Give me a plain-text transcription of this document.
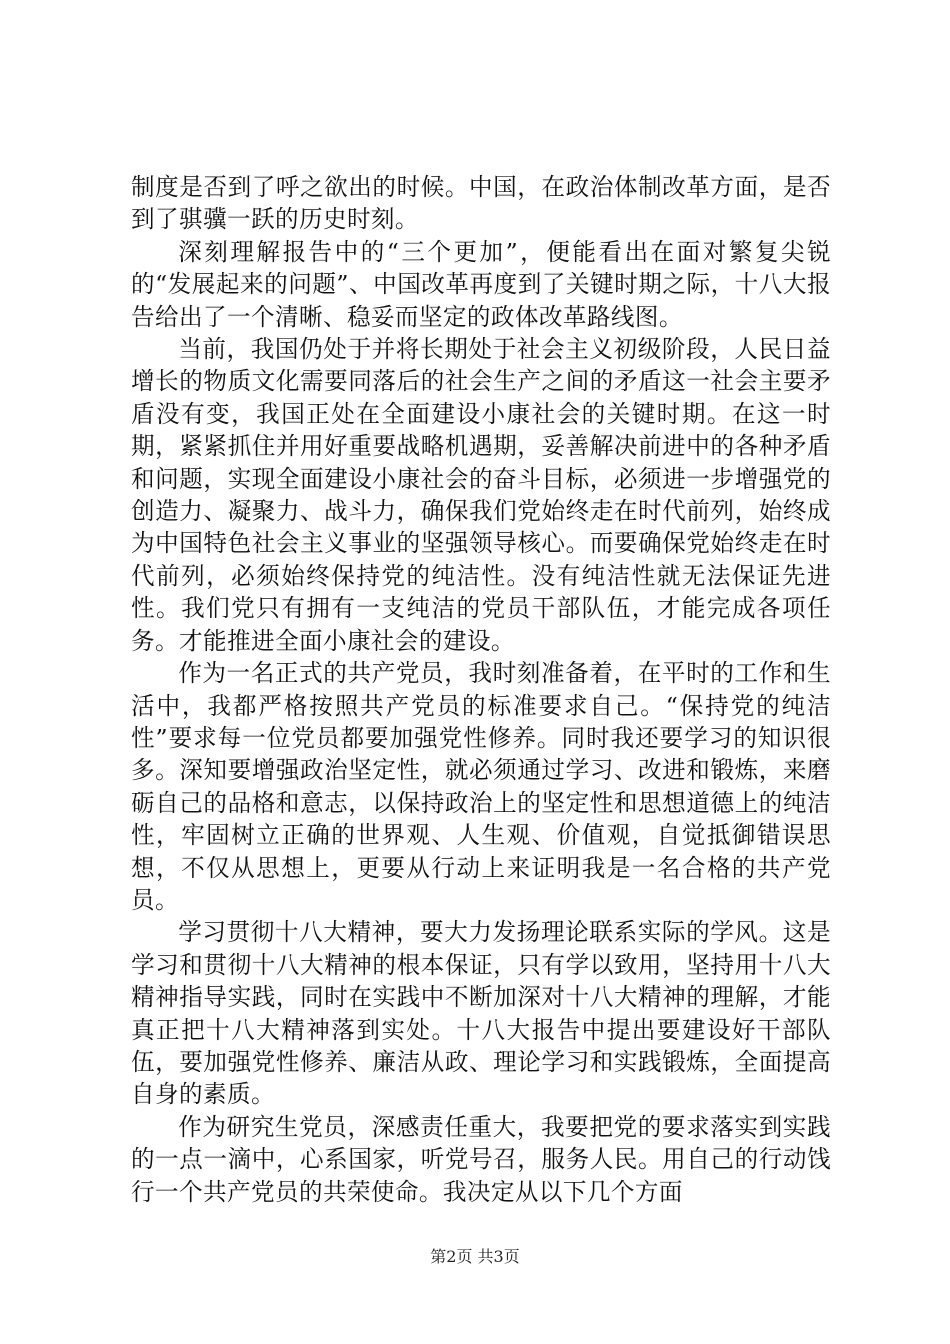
制度是否到了呼之欲出的时候。中国，在政治体制改革方面，是否到了骐骥一跃的历史时刻。

深刻理解报告中的“三个更加”，便能看出在面对繁复尖锐的“发展起来的问题”、中国改革再度到了关键时期之际，十八大报告给出了一个清晰、稳妥而坚定的政体改革路线图。

当前，我国仍处于并将长期处于社会主义初级阶段，人民日益增长的物质文化需要同落后的社会生产之间的矛盾这一社会主要矛盾没有变，我国正处在全面建设小康社会的关键时期。在这一时期，紧紧抓住并用好重要战略机遇期，妥善解决前进中的各种矛盾和问题，实现全面建设小康社会的奋斗目标，必须进一步增强党的创造力、凝聚力、战斗力，确保我们党始终走在时代前列，始终成为中国特色社会主义事业的坚强领导核心。而要确保党始终走在时代前列，必须始终保持党的纯洁性。没有纯洁性就无法保证先进性。我们党只有拥有一支纯洁的党员干部队伍，才能完成各项任务。才能推进全面小康社会的建设。

作为一名正式的共产党员，我时刻准备着，在平时的工作和生活中，我都严格按照共产党员的标准要求自己。“保持党的纯洁性”要求每一位党员都要加强党性修养。同时我还要学习的知识很多。深知要增强政治坚定性，就必须通过学习、改进和锻炼，来磨砺自己的品格和意志，以保持政治上的坚定性和思想道德上的纯洁性，牢固树立正确的世界观、人生观、价值观，自觉抵御错误思想，不仅从思想上，更要从行动上来证明我是一名合格的共产党员。

学习贯彻十八大精神，要大力发扬理论联系实际的学风。这是学习和贯彻十八大精神的根本保证，只有学以致用，坚持用十八大精神指导实践，同时在实践中不断加深对十八大精神的理解，才能真正把十八大精神落到实处。十八大报告中提出要建设好干部队伍，要加强党性修养、廉洁从政、理论学习和实践锻炼，全面提高自身的素质。

作为研究生党员，深感责任重大，我要把党的要求落实到实践的一点一滴中，心系国家，听党号召，服务人民。用自己的行动饯行一个共产党员的共荣使命。我决定从以下几个方面

第2页 共3页
